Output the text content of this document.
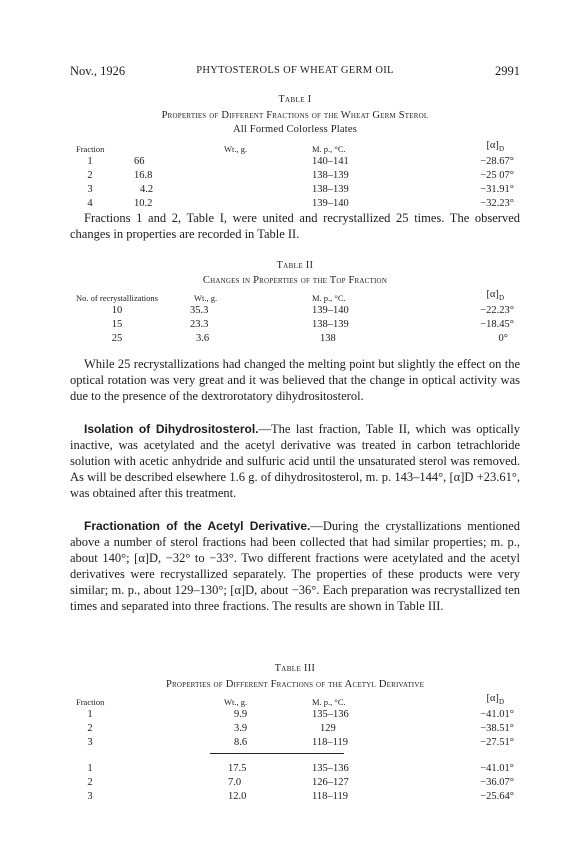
Nov., 1926	PHYTOSTEROLS OF WHEAT GERM OIL	2991
Table I
Properties of Different Fractions of the Wheat Germ Sterol
All Formed Colorless Plates
Fraction	Wt., g.	M. p., °C.	$[\alpha]_D$
1	66	140–141	−28.67°
2	16.8	138–139	−25 07°
3	4.2	138–139	−31.91°
4	10.2	139–140	−32.23°

Fractions 1 and 2, Table I, were united and recrystallized 25 times. The observed changes in properties are recorded in Table II.

Table II
Changes in Properties of the Top Fraction
No. of recrystallizations	Wt., g.	M. p., °C.	$[\alpha]_D$
10	35.3	139–140	−22.23°
15	23.3	138–139	−18.45°
25	3.6	138	0°

While 25 recrystallizations had changed the melting point but slightly the effect on the optical rotation was very great and it was believed that the change in optical activity was due to the presence of the dextrorotatory dihydrositosterol.

Isolation of Dihydrositosterol.—The last fraction, Table II, which was optically inactive, was acetylated and the acetyl derivative was treated in carbon tetrachloride solution with acetic anhydride and sulfuric acid until the unsaturated sterol was removed. As will be described elsewhere 1.6 g. of dihydrositosterol, m. p. 143–144°, [α]D +23.61°, was obtained after this treatment.

Fractionation of the Acetyl Derivative.—During the crystallizations mentioned above a number of sterol fractions had been collected that had similar properties; m. p., about 140°; [α]D, −32° to −33°. Two different fractions were acetylated and the acetyl derivatives were recrystallized separately. The properties of these products were very similar; m. p., about 129–130°; [α]D, about −36°. Each preparation was recrystallized ten times and separated into three fractions. The results are shown in Table III.

Table III
Properties of Different Fractions of the Acetyl Derivative
Fraction	Wt., g.	M. p., °C.	$[\alpha]_D$
1	9.9	135–136	−41.01°
2	3.9	129	−38.51°
3	8.6	118–119	−27.51°
1	17.5	135–136	−41.01°
2	7.0	126–127	−36.07°
3	12.0	118–119	−25.64°
